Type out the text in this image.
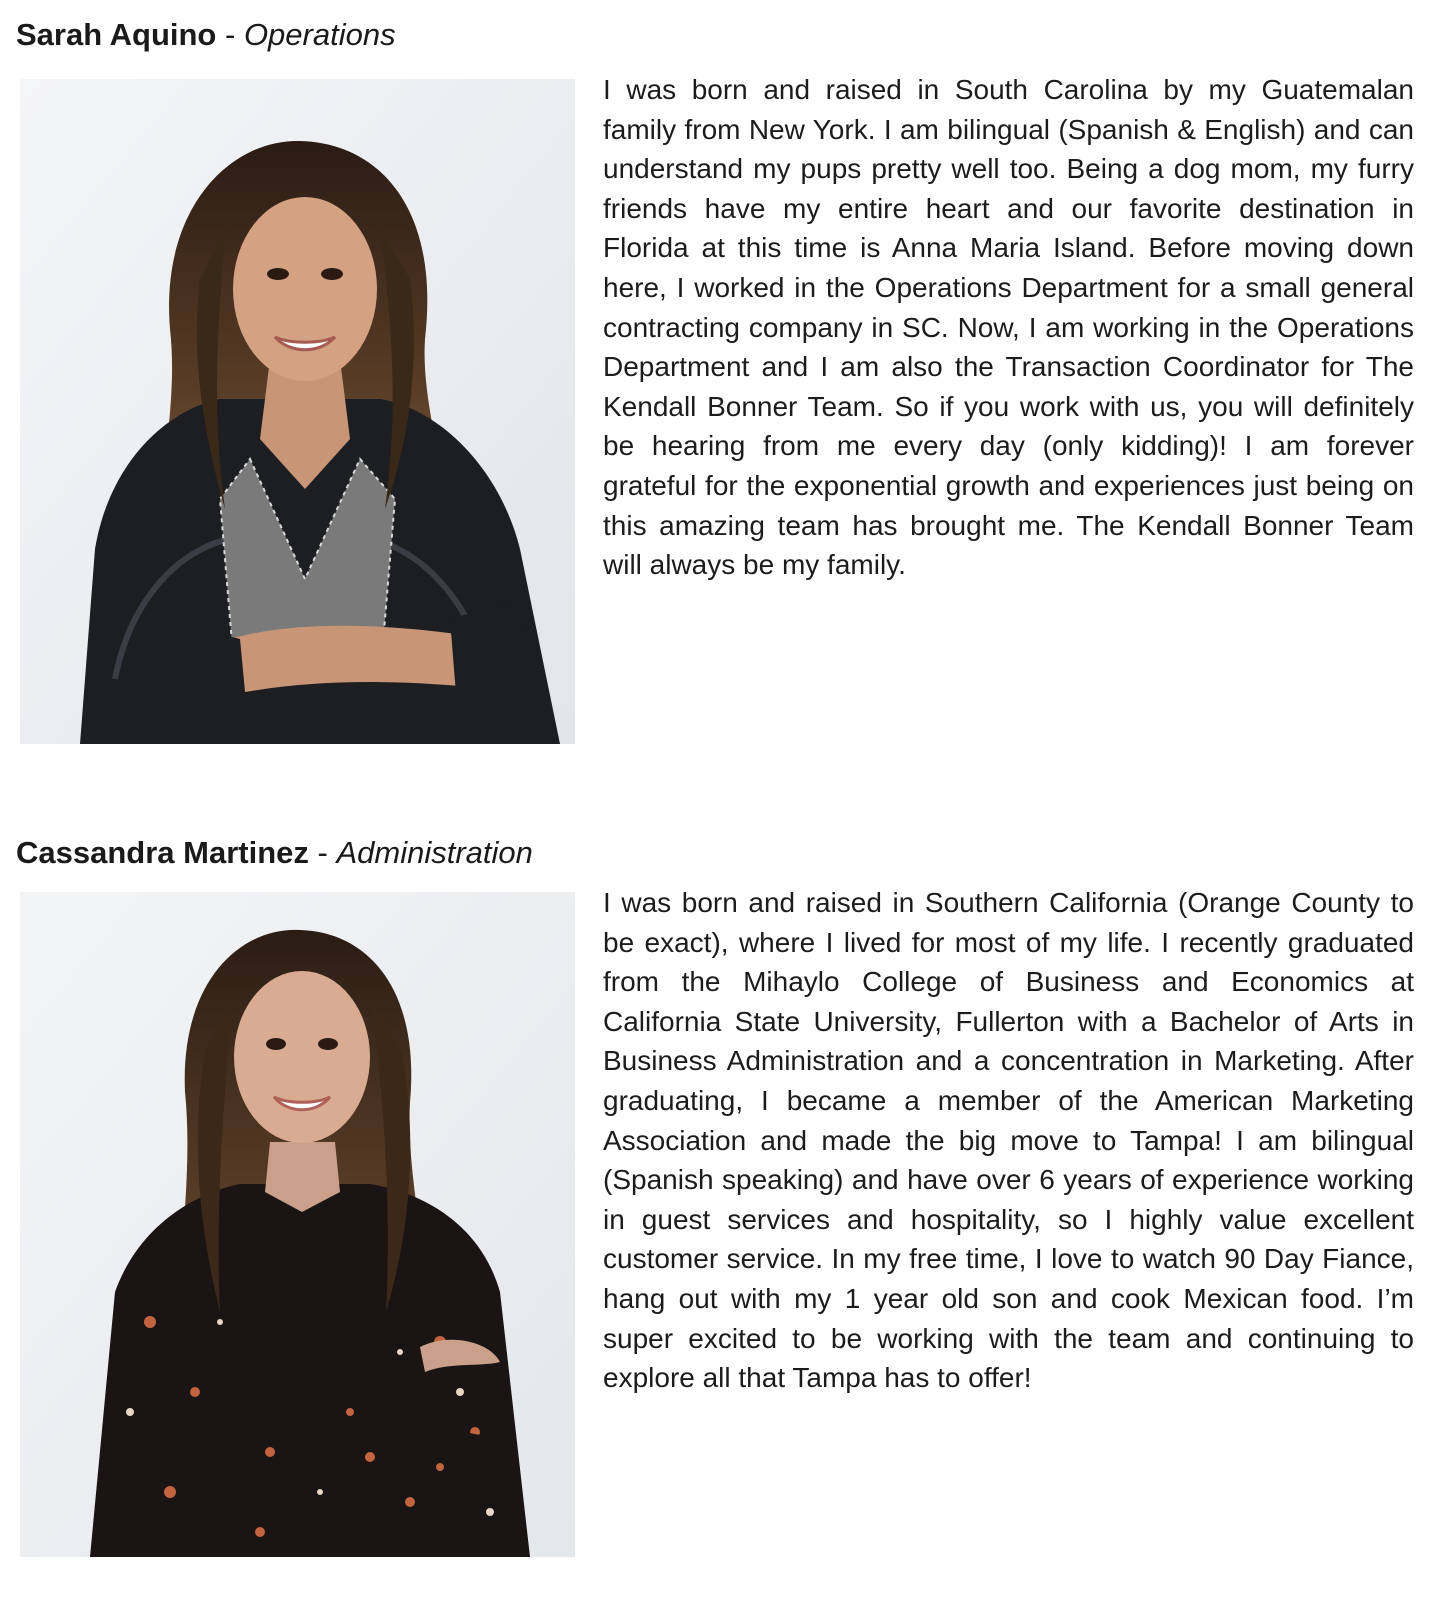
Sarah Aquino - Operations

I was born and raised in South Carolina by my Guatemalan family from New York. I am bilingual (Spanish & English) and can understand my pups pretty well too. Being a dog mom, my furry friends have my entire heart and our favorite destination in Florida at this time is Anna Maria Island. Before moving down here, I worked in the Operations Department for a small general contracting company in SC. Now, I am working in the Operations Department and I am also the Transaction Coordinator for The Kendall Bonner Team. So if you work with us, you will definitely be hearing from me every day (only kidding)! I am forever grateful for the exponential growth and experiences just being on this amazing team has brought me. The Kendall Bonner Team will always be my family.

Cassandra Martinez - Administration

I was born and raised in Southern California (Orange County to be exact), where I lived for most of my life. I recently graduated from the Mihaylo College of Business and Economics at California State University, Fullerton with a Bachelor of Arts in Business Administration and a concentration in Marketing. After graduating, I became a member of the American Marketing Association and made the big move to Tampa! I am bilingual (Spanish speaking) and have over 6 years of experience working in guest services and hospitality, so I highly value excellent customer service. In my free time, I love to watch 90 Day Fiance, hang out with my 1 year old son and cook Mexican food. I’m super excited to be working with the team and continuing to explore all that Tampa has to offer!
